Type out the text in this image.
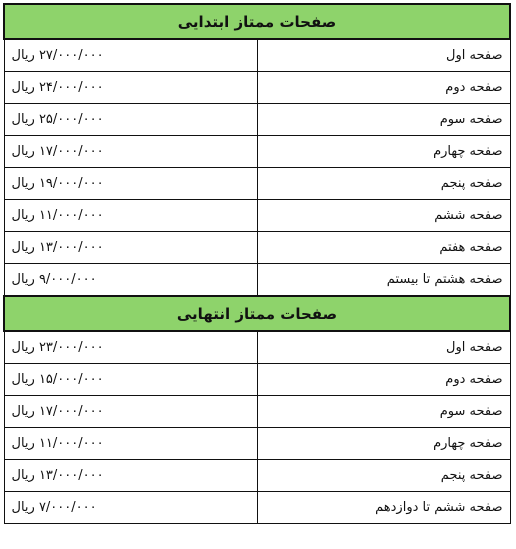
صفحات ممتاز ابتدایی	
صفحه اول	۲۷/۰۰۰/۰۰۰ ریال
صفحه دوم	۲۴/۰۰۰/۰۰۰ ریال
صفحه سوم	۲۵/۰۰۰/۰۰۰ ریال
صفحه چهارم	۱۷/۰۰۰/۰۰۰ ریال
صفحه پنجم	۱۹/۰۰۰/۰۰۰ ریال
صفحه ششم	۱۱/۰۰۰/۰۰۰ ریال
صفحه هفتم	۱۳/۰۰۰/۰۰۰ ریال
صفحه هشتم تا بیستم	۹/۰۰۰/۰۰۰ ریال
صفحات ممتاز انتهایی	
صفحه اول	۲۳/۰۰۰/۰۰۰ ریال
صفحه دوم	۱۵/۰۰۰/۰۰۰ ریال
صفحه سوم	۱۷/۰۰۰/۰۰۰ ریال
صفحه چهارم	۱۱/۰۰۰/۰۰۰ ریال
صفحه پنجم	۱۳/۰۰۰/۰۰۰ ریال
صفحه ششم تا دوازدهم	۷/۰۰۰/۰۰۰ ریال
